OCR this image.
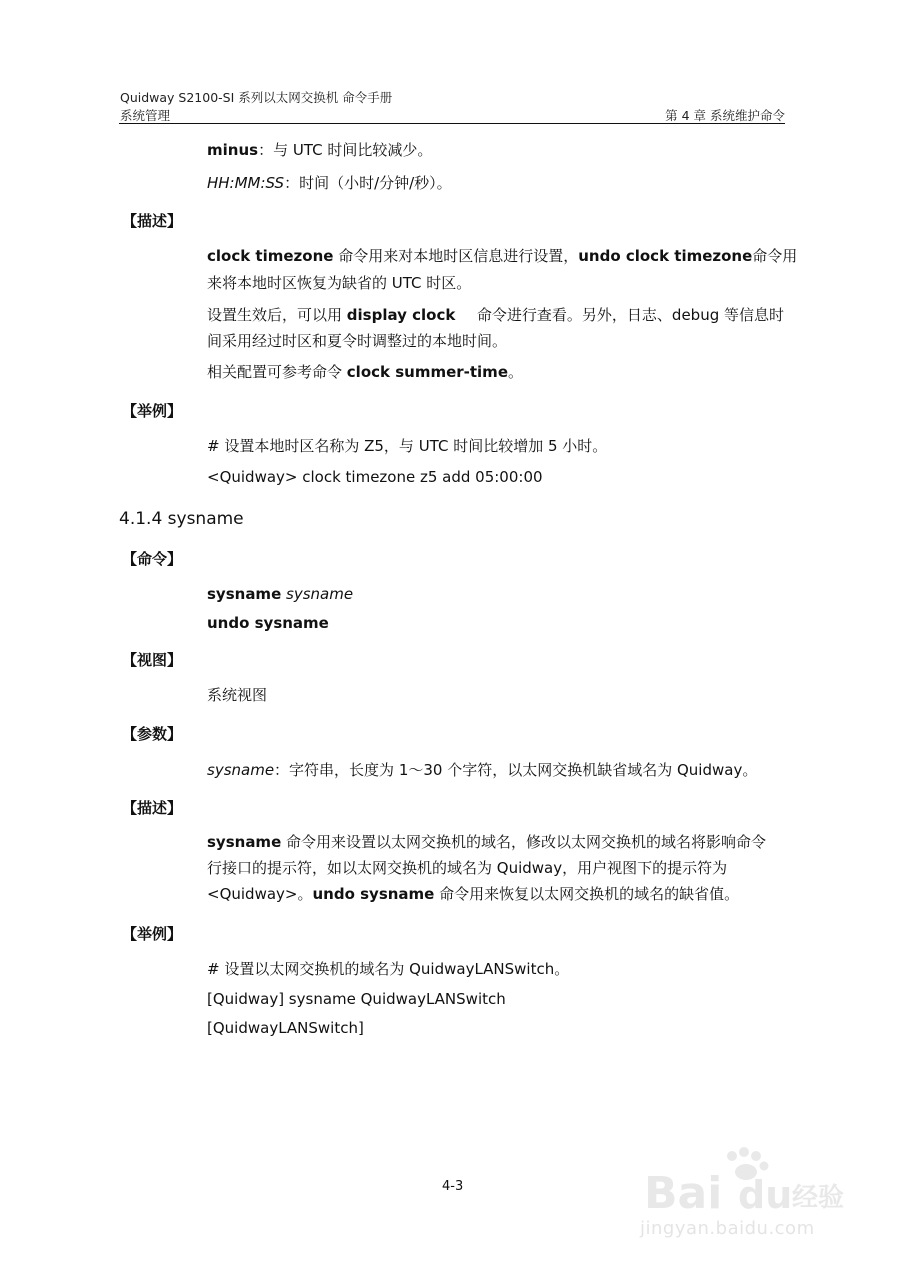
Quidway S2100-SI 系列以太网交换机 命令手册
系统管理	第 4 章 系统维护命令
minus：与 UTC 时间比较减少。
HH:MM:SS：时间（小时/分钟/秒）。
【描述】
clock timezone 命令用来对本地时区信息进行设置，undo clock timezone 命令用
来将本地时区恢复为缺省的 UTC 时区。
设置生效后，可以用 display clock 命令进行查看。另外，日志、debug 等信息时
间采用经过时区和夏令时调整过的本地时间。
相关配置可参考命令 clock summer-time。
【举例】
# 设置本地时区名称为 Z5，与 UTC 时间比较增加 5 小时。
<Quidway> clock timezone z5 add 05:00:00
4.1.4 sysname
【命令】
sysname sysname
undo sysname
【视图】
系统视图
【参数】
sysname：字符串，长度为 1～30 个字符，以太网交换机缺省域名为 Quidway。
【描述】
sysname 命令用来设置以太网交换机的域名，修改以太网交换机的域名将影响命令
行接口的提示符，如以太网交换机的域名为 Quidway，用户视图下的提示符为
<Quidway>。undo sysname 命令用来恢复以太网交换机的域名的缺省值。
【举例】
# 设置以太网交换机的域名为 QuidwayLANSwitch。
[Quidway] sysname QuidwayLANSwitch
[QuidwayLANSwitch]
4-3	Bai du 经验
jingyan.baidu.com
